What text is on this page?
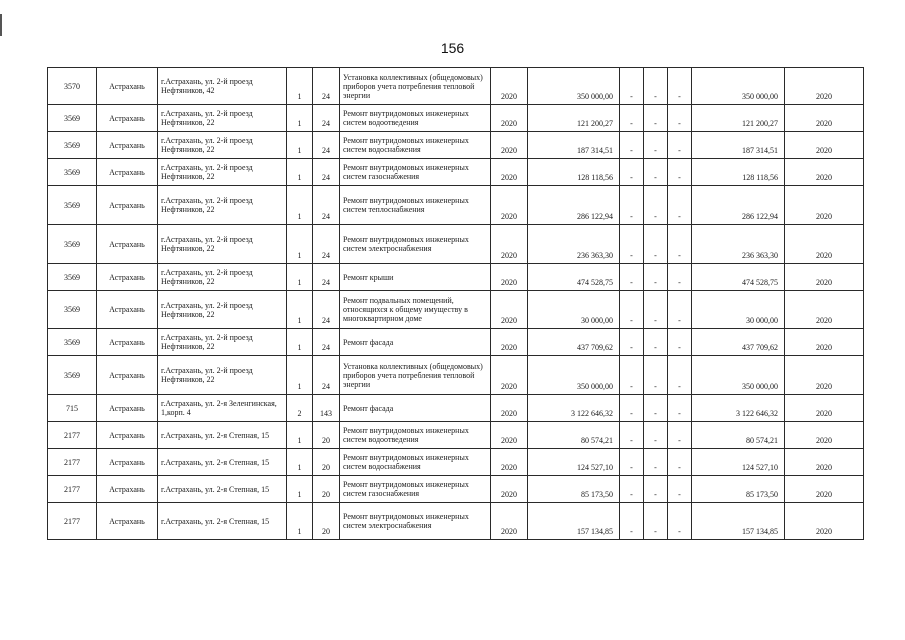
156
3570	Астрахань	г.Астрахань, ул. 2-й проезд Нефтяников, 42	1	24	Установка коллективных (общедомовых) приборов учета потребления тепловой энергии	2020	350 000,00	-	-	-	350 000,00	2020
3569	Астрахань	г.Астрахань, ул. 2-й проезд Нефтяников, 22	1	24	Ремонт внутридомовых инженерных систем водоотведения	2020	121 200,27	-	-	-	121 200,27	2020
3569	Астрахань	г.Астрахань, ул. 2-й проезд Нефтяников, 22	1	24	Ремонт внутридомовых инженерных систем водоснабжения	2020	187 314,51	-	-	-	187 314,51	2020
3569	Астрахань	г.Астрахань, ул. 2-й проезд Нефтяников, 22	1	24	Ремонт внутридомовых инженерных систем газоснабжения	2020	128 118,56	-	-	-	128 118,56	2020
3569	Астрахань	г.Астрахань, ул. 2-й проезд Нефтяников, 22	1	24	Ремонт внутридомовых инженерных систем теплоснабжения	2020	286 122,94	-	-	-	286 122,94	2020
3569	Астрахань	г.Астрахань, ул. 2-й проезд Нефтяников, 22	1	24	Ремонт внутридомовых инженерных систем электроснабжения	2020	236 363,30	-	-	-	236 363,30	2020
3569	Астрахань	г.Астрахань, ул. 2-й проезд Нефтяников, 22	1	24	Ремонт крыши	2020	474 528,75	-	-	-	474 528,75	2020
3569	Астрахань	г.Астрахань, ул. 2-й проезд Нефтяников, 22	1	24	Ремонт подвальных помещений, относящихся к общему имуществу в многоквартирном доме	2020	30 000,00	-	-	-	30 000,00	2020
3569	Астрахань	г.Астрахань, ул. 2-й проезд Нефтяников, 22	1	24	Ремонт фасада	2020	437 709,62	-	-	-	437 709,62	2020
3569	Астрахань	г.Астрахань, ул. 2-й проезд Нефтяников, 22	1	24	Установка коллективных (общедомовых) приборов учета потребления тепловой энергии	2020	350 000,00	-	-	-	350 000,00	2020
715	Астрахань	г.Астрахань, ул. 2-я Зеленгинская, 1,корп. 4	2	143	Ремонт фасада	2020	3 122 646,32	-	-	-	3 122 646,32	2020
2177	Астрахань	г.Астрахань, ул. 2-я Степная, 15	1	20	Ремонт внутридомовых инженерных систем водоотведения	2020	80 574,21	-	-	-	80 574,21	2020
2177	Астрахань	г.Астрахань, ул. 2-я Степная, 15	1	20	Ремонт внутридомовых инженерных систем водоснабжения	2020	124 527,10	-	-	-	124 527,10	2020
2177	Астрахань	г.Астрахань, ул. 2-я Степная, 15	1	20	Ремонт внутридомовых инженерных систем газоснабжения	2020	85 173,50	-	-	-	85 173,50	2020
2177	Астрахань	г.Астрахань, ул. 2-я Степная, 15	1	20	Ремонт внутридомовых инженерных систем электроснабжения	2020	157 134,85	-	-	-	157 134,85	2020
